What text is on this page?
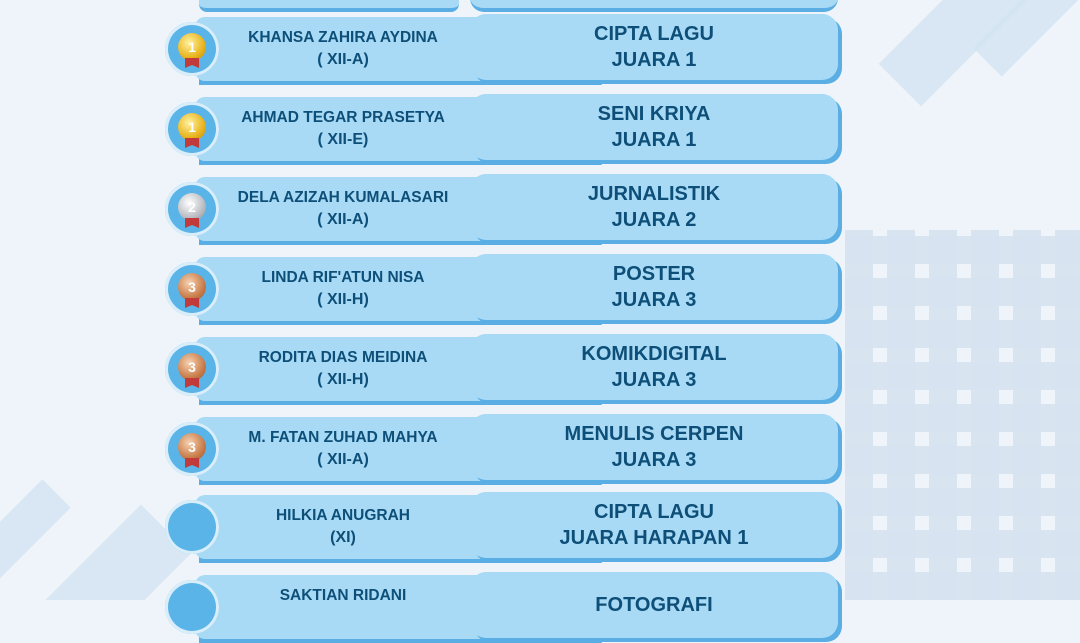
KHANSA ZAHIRA AYDINA
( XII-A)
1
CIPTA LAGU
JUARA 1
AHMAD TEGAR PRASETYA
( XII-E)
1
SENI KRIYA
JUARA 1
DELA AZIZAH KUMALASARI
( XII-A)
2
JURNALISTIK
JUARA 2
LINDA RIF'ATUN NISA
( XII-H)
3
POSTER
JUARA 3
RODITA DIAS MEIDINA
( XII-H)
3
KOMIKDIGITAL
JUARA 3
M. FATAN ZUHAD MAHYA
( XII-A)
3
MENULIS CERPEN
JUARA 3
HILKIA ANUGRAH
(XI)
CIPTA LAGU
JUARA HARAPAN 1
SAKTIAN RIDANI	FOTOGRAFI
